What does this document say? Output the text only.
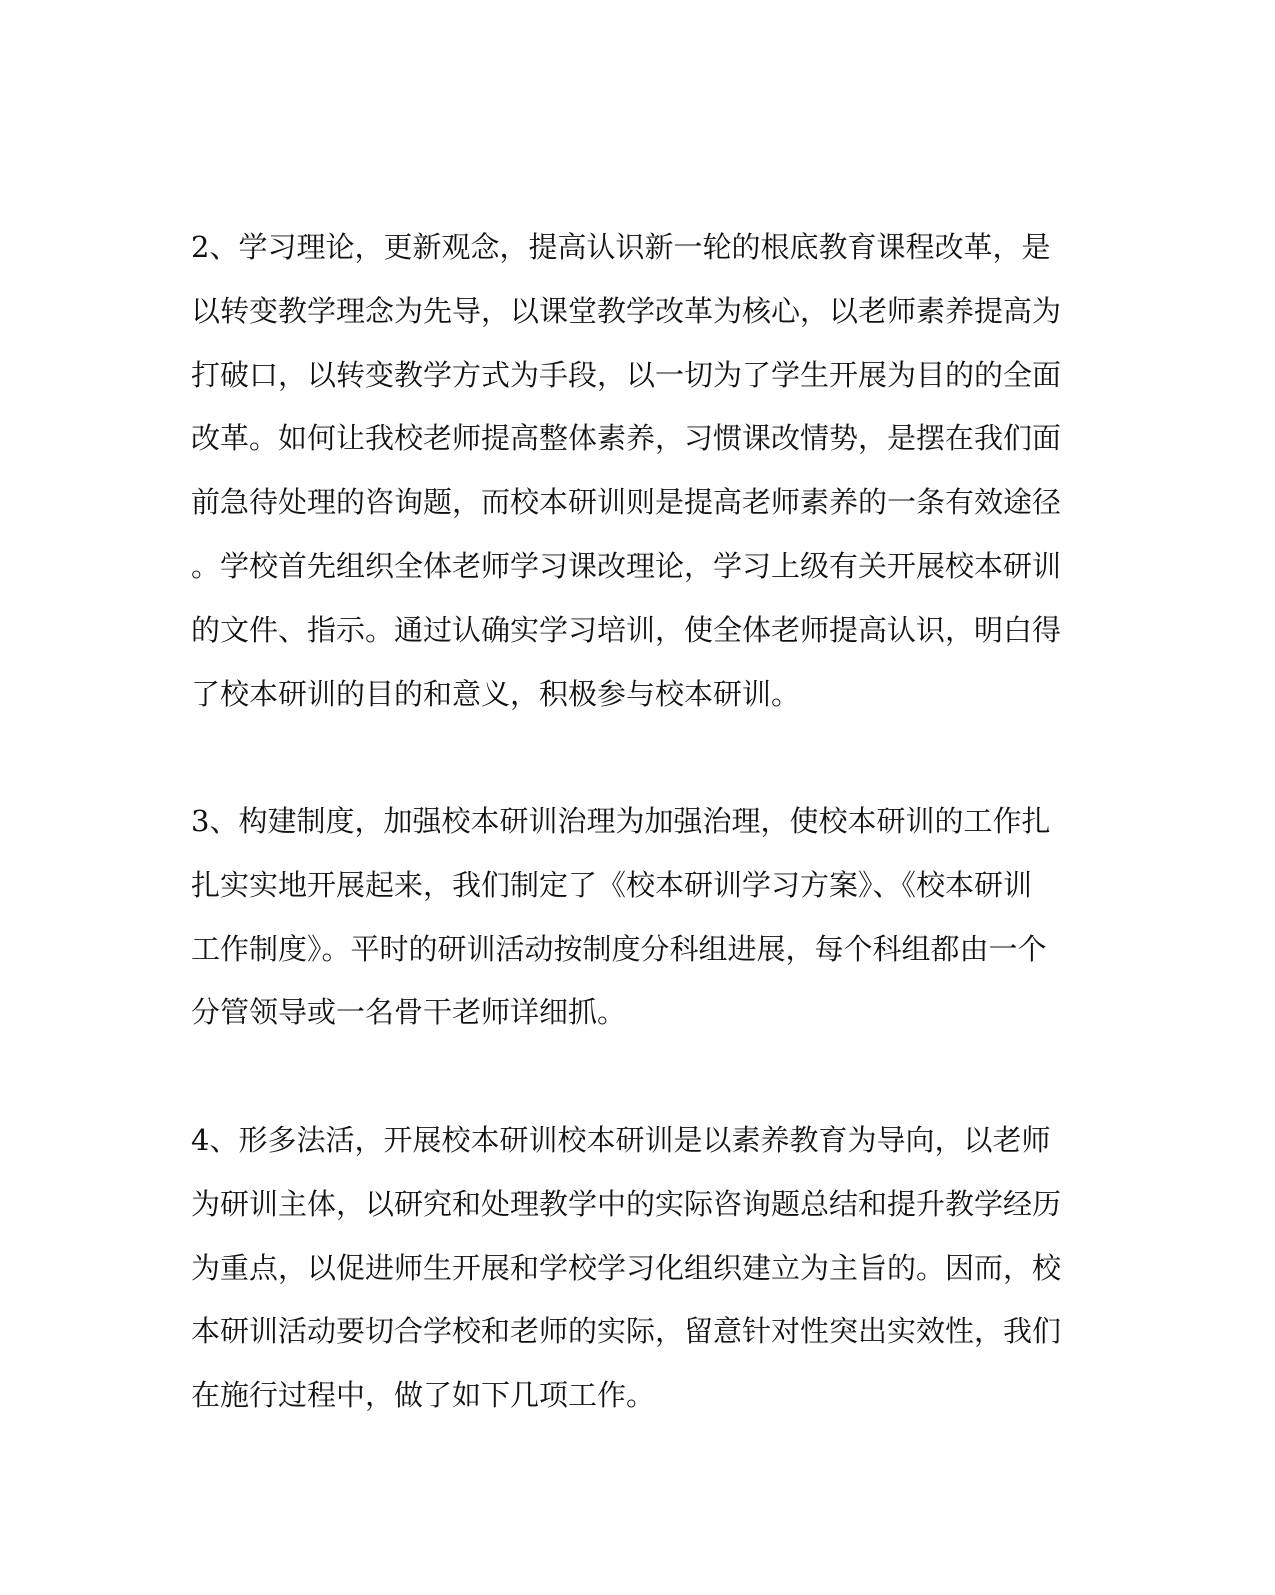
2、学习理论，更新观念，提高认识新一轮的根底教育课程改革，是
以转变教学理念为先导，以课堂教学改革为核心，以老师素养提高为
打破口，以转变教学方式为手段，以一切为了学生开展为目的的全面
改革。如何让我校老师提高整体素养，习惯课改情势，是摆在我们面
前急待处理的咨询题，而校本研训则是提高老师素养的一条有效途径
。学校首先组织全体老师学习课改理论，学习上级有关开展校本研训
的文件、指示。通过认确实学习培训，使全体老师提高认识，明白得
了校本研训的目的和意义，积极参与校本研训。
3、构建制度，加强校本研训治理为加强治理，使校本研训的工作扎
扎实实地开展起来，我们制定了《校本研训学习方案》、《校本研训
工作制度》。平时的研训活动按制度分科组进展，每个科组都由一个
分管领导或一名骨干老师详细抓。
4、形多法活，开展校本研训校本研训是以素养教育为导向，以老师
为研训主体，以研究和处理教学中的实际咨询题总结和提升教学经历
为重点，以促进师生开展和学校学习化组织建立为主旨的。因而，校
本研训活动要切合学校和老师的实际，留意针对性突出实效性，我们
在施行过程中，做了如下几项工作。
